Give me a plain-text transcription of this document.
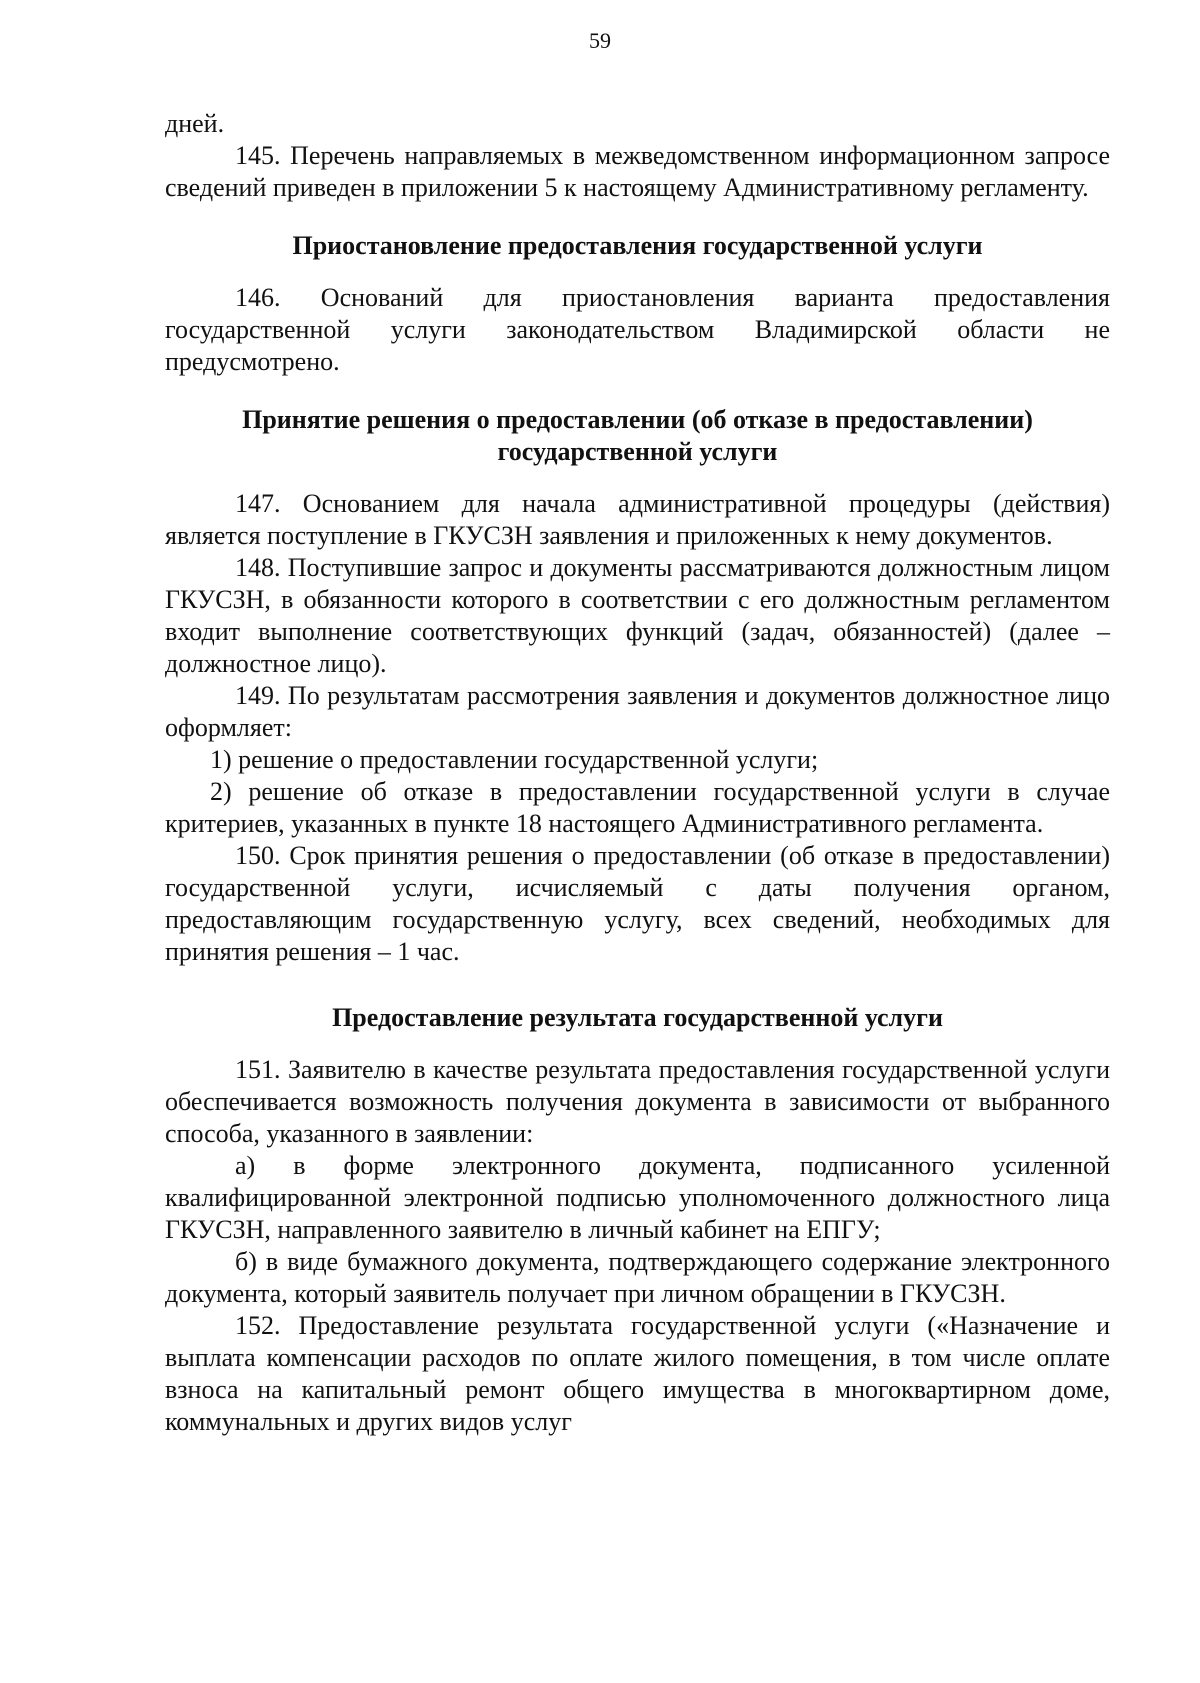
59

дней.

145. Перечень направляемых в межведомственном информационном запросе сведений приведен в приложении 5 к настоящему Административному регламенту.

Приостановление предоставления государственной услуги

146. Оснований для приостановления варианта предоставления государственной услуги законодательством Владимирской области не предусмотрено.

Принятие решения о предоставлении (об отказе в предоставлении) государственной услуги

147. Основанием для начала административной процедуры (действия) является поступление в ГКУСЗН заявления и приложенных к нему документов.

148. Поступившие запрос и документы рассматриваются должностным лицом ГКУСЗН, в обязанности которого в соответствии с его должностным регламентом входит выполнение соответствующих функций (задач, обязанностей) (далее – должностное лицо).

149. По результатам рассмотрения заявления и документов должностное лицо оформляет:

1) решение о предоставлении государственной услуги;

2) решение об отказе в предоставлении государственной услуги в случае критериев, указанных в пункте 18 настоящего Административного регламента.

150. Срок принятия решения о предоставлении (об отказе в предоставлении) государственной услуги, исчисляемый с даты получения органом, предоставляющим государственную услугу, всех сведений, необходимых для принятия решения – 1 час.

Предоставление результата государственной услуги

151. Заявителю в качестве результата предоставления государственной услуги обеспечивается возможность получения документа в зависимости от выбранного способа, указанного в заявлении:

а) в форме электронного документа, подписанного усиленной квалифицированной электронной подписью уполномоченного должностного лица ГКУСЗН, направленного заявителю в личный кабинет на ЕПГУ;

б) в виде бумажного документа, подтверждающего содержание электронного документа, который заявитель получает при личном обращении в ГКУСЗН.

152. Предоставление результата государственной услуги («Назначение и выплата компенсации расходов по оплате жилого помещения, в том числе оплате взноса на капитальный ремонт общего имущества в многоквартирном доме, коммунальных и других видов услуг
